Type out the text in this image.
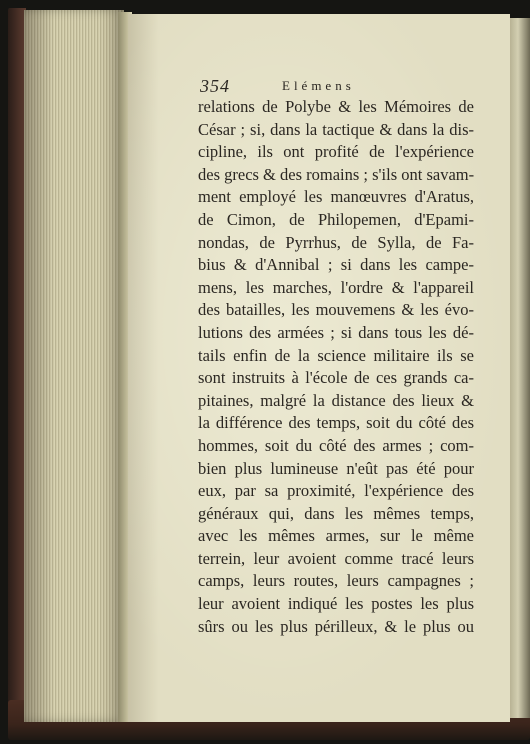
354	Elémens
relations de Polybe & les Mémoires de
César ; si, dans la tactique & dans la dis-
cipline, ils ont profité de l'expérience
des grecs & des romains ; s'ils ont savam-
ment employé les manœuvres d'Aratus,
de Cimon, de Philopemen, d'Epami-
nondas, de Pyrrhus, de Sylla, de Fa-
bius & d'Annibal ; si dans les campe-
mens, les marches, l'ordre & l'appareil
des batailles, les mouvemens & les évo-
lutions des armées ; si dans tous les dé-
tails enfin de la science militaire ils se
sont instruits à l'école de ces grands ca-
pitaines, malgré la distance des lieux &
la différence des temps, soit du côté des
hommes, soit du côté des armes ; com-
bien plus lumineuse n'eût pas été pour
eux, par sa proximité, l'expérience des
généraux qui, dans les mêmes temps,
avec les mêmes armes, sur le même
terrein, leur avoient comme tracé leurs
camps, leurs routes, leurs campagnes ;
leur avoient indiqué les postes les plus
sûrs ou les plus périlleux, & le plus ou
